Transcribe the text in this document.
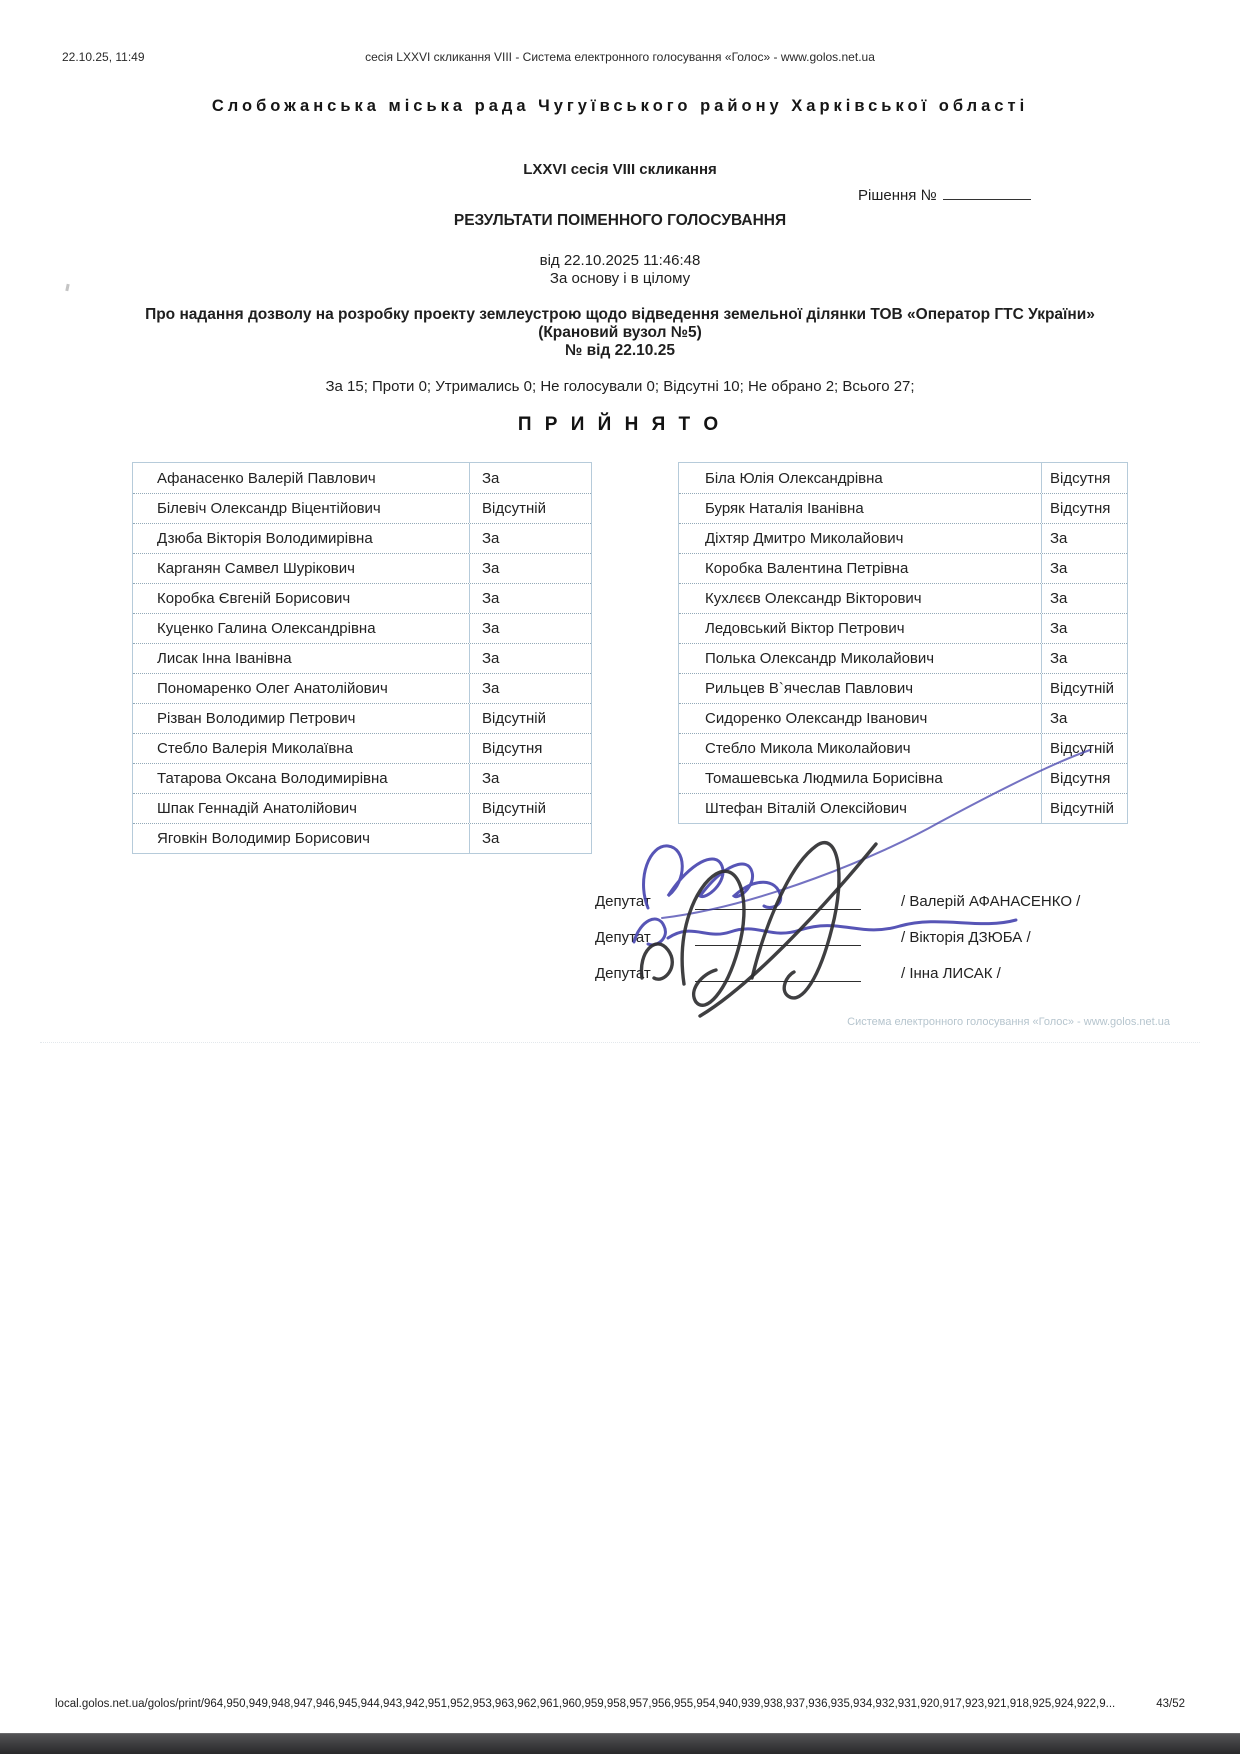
22.10.25, 11:49	сесія LXXVI скликання VIII - Система електронного голосування «Голос» - www.golos.net.ua
Слобожанська міська рада Чугуївського району Харківської області
LXXVI сесія VIII скликання
Рішення №
РЕЗУЛЬТАТИ ПОІМЕННОГО ГОЛОСУВАННЯ
від 22.10.2025 11:46:48
За основу і в цілому
Про надання дозволу на розробку проекту землеустрою щодо відведення земельної ділянки ТОВ «Оператор ГТС України»
(Крановий вузол №5)
№ від 22.10.25
За 15; Проти 0; Утримались 0; Не голосували 0; Відсутні 10; Не обрано 2; Всього 27;
П Р И Й Н Я Т О
Афанасенко Валерій Павлович	За
Білевіч Олександр Віцентійович	Відсутній
Дзюба Вікторія Володимирівна	За
Карганян Самвел Шурікович	За
Коробка Євгеній Борисович	За
Куценко Галина Олександрівна	За
Лисак Інна Іванівна	За
Пономаренко Олег Анатолійович	За
Різван Володимир Петрович	Відсутній
Стебло Валерія Миколаївна	Відсутня
Татарова Оксана Володимирівна	За
Шпак Геннадій Анатолійович	Відсутній
Яговкін Володимир Борисович	За
Біла Юлія Олександрівна	Відсутня
Буряк Наталія Іванівна	Відсутня
Діхтяр Дмитро Миколайович	За
Коробка Валентина Петрівна	За
Кухлєєв Олександр Вікторович	За
Ледовський Віктор Петрович	За
Полька Олександр Миколайович	За
Рильцев В`ячеслав Павлович	Відсутній
Сидоренко Олександр Іванович	За
Стебло Микола Миколайович	Відсутній
Томашевська Людмила Борисівна	Відсутня
Штефан Віталій Олексійович	Відсутній
Депутат	/ Валерій АФАНАСЕНКО /
Депутат	/ Вікторія ДЗЮБА /
Депутат	/ Інна ЛИСАК /
Система електронного голосування «Голос» - www.golos.net.ua
local.golos.net.ua/golos/print/964,950,949,948,947,946,945,944,943,942,951,952,953,963,962,961,960,959,958,957,956,955,954,940,939,938,937,936,935,934,932,931,920,917,923,921,918,925,924,922,9...	43/52
